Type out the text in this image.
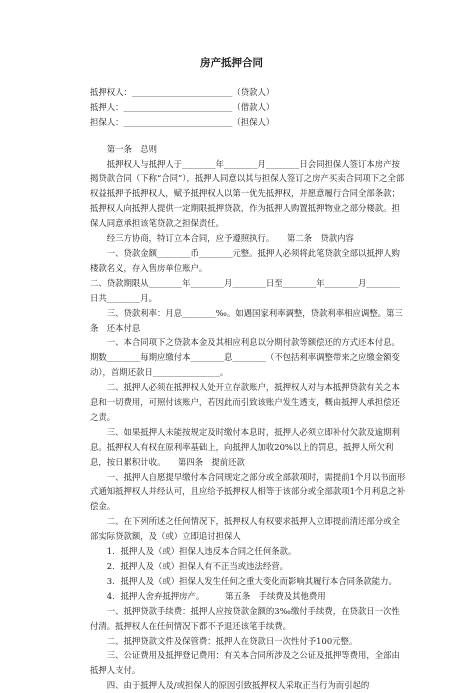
房产抵押合同
抵押权人：________________________（贷款人）
抵押人：__________________________（借款人）
担保人：__________________________（担保人）

第一条　总则

抵押权人与抵押人于________年________月________日会同担保人签订本房产按揭贷款合同（下称“合同”），抵押人同意以其与担保人签订之房产买卖合同项下之全部权益抵押予抵押权人，赋予抵押权人以第一优先抵押权，并愿意履行合同全部条款；抵押权人向抵押人提供一定期限抵押贷款，作为抵押人购置抵押物业之部分楼款。担保人同意承担该笔贷款之担保责任。

经三方协商，特订立本合同，应予遵照执行。　　第二条　贷款内容

一、贷款金额________币________元整。抵押人必须将此笔贷款全部以抵押人购楼款名义，存入售房单位账户。

二、贷款期限从________年________月________日至________年________月________日共________月。

三、贷款利率：月息________‰。如遇国家利率调整，贷款利率相应调整。第三条　还本付息

一、本合同项下之贷款本金及其相应利息以分期付款等额偿还的方式还本付息。期数________每期应缴付本________息________（不包括利率调整带来之应缴金额变动），首期还款日________________。

二、抵押人必须在抵押权人处开立存款账户，抵押权人对与本抵押贷款有关之本息和一切费用，可照付该账户，若因此而引致该账户发生透支，概由抵押人承担偿还之责。

三、如果抵押人未能按规定及时缴付本息时，抵押人必须立即补付欠款及逾期利息。抵押权人有权在原利率基础上，向抵押人加收20%以上的罚息，抵押人所欠利息，按日累积计收。　　第四条　提前还款

一、抵押人自愿提早缴付本合同规定之部分或全部款项时，需提前1个月以书面形式通知抵押权人并经认可，且应给予抵押权人相等于该部分或全部款项1个月利息之补偿金。

二、在下列所述之任何情况下，抵押权人有权要求抵押人立即提前清还部分或全部实际贷款额，及（或）立即追讨担保人

1．抵押人及（或）担保人违反本合同之任何条款。

2．抵押人及（或）担保人有不正当或违法经营。

3．抵押人及（或）担保人发生任何之重大变化而影响其履行本合同条款能力。

4．抵押人舍弃抵押房产。　　　第五条　手续费及其他费用

一、抵押贷款手续费：抵押人应按贷款金额的3‰缴付手续费，在贷款日一次性付清。抵押权人在任何情况下都不予退还该笔手续费。

二、抵押贷款文件及保管费：抵押人在贷款日一次性付予100元整。

三、公证费用及抵押登记费用：有关本合同所涉及之公证及抵押等费用，全部由抵押人支付。

四、由于抵押人及/或担保人的原因引致抵押权人采取正当行为而引起的
